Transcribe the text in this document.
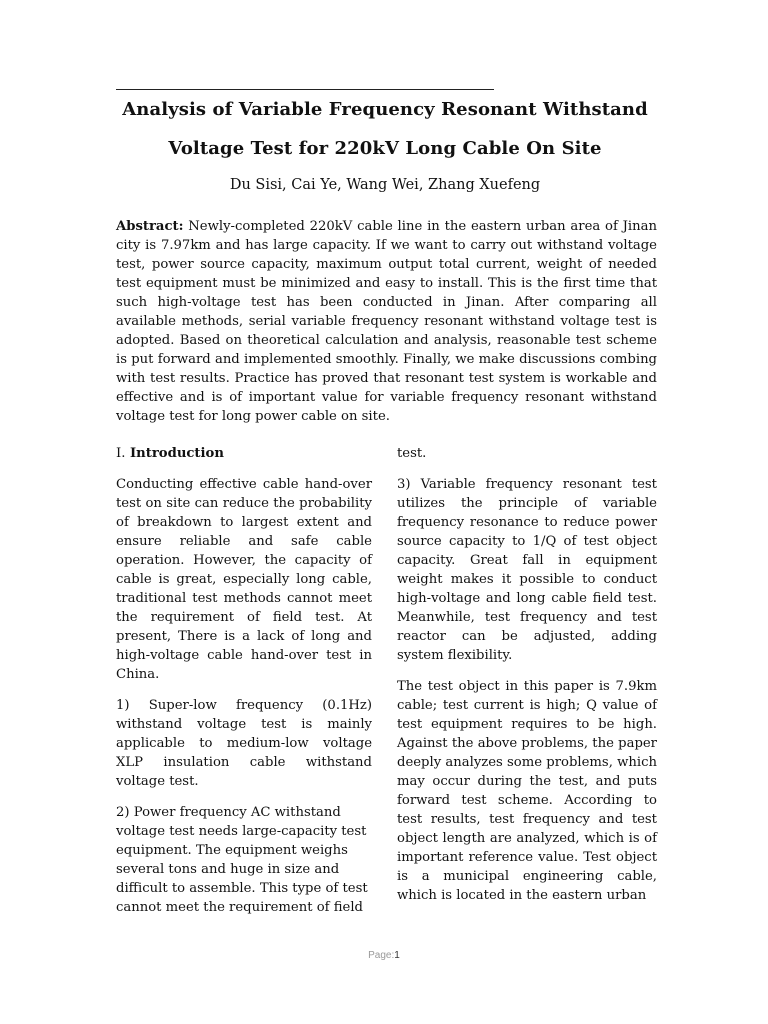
Analysis of Variable Frequency Resonant Withstand
Voltage Test for 220kV Long Cable On Site
Du Sisi, Cai Ye, Wang Wei, Zhang Xuefeng
Abstract: Newly-completed 220kV cable line in the eastern urban area of Jinan city is 7.97km and has large capacity. If we want to carry out withstand voltage test, power source capacity, maximum output total current, weight of needed test equipment must be minimized and easy to install. This is the first time that such high-voltage test has been conducted in Jinan. After comparing all available methods, serial variable frequency resonant withstand voltage test is adopted. Based on theoretical calculation and analysis, reasonable test scheme is put forward and implemented smoothly. Finally, we make discussions combing with test results. Practice has proved that resonant test system is workable and effective and is of important value for variable frequency resonant withstand voltage test for long power cable on site.

I. Introduction

Conducting effective cable hand-over test on site can reduce the probability of breakdown to largest extent and ensure reliable and safe cable operation. However, the capacity of cable is great, especially long cable, traditional test methods cannot meet the requirement of field test. At present, There is a lack of long and high-voltage cable hand-over test in China.

1) Super-low frequency (0.1Hz) withstand voltage test is mainly applicable to medium-low voltage XLP insulation cable withstand voltage test.

2) Power frequency AC withstand voltage test needs large-capacity test equipment. The equipment weighs several tons and huge in size and difficult to assemble. This type of test cannot meet the requirement of field

test.

3) Variable frequency resonant test utilizes the principle of variable frequency resonance to reduce power source capacity to 1/Q of test object capacity. Great fall in equipment weight makes it possible to conduct high-voltage and long cable field test. Meanwhile, test frequency and test reactor can be adjusted, adding system flexibility.

The test object in this paper is 7.9km cable; test current is high; Q value of test equipment requires to be high. Against the above problems, the paper deeply analyzes some problems, which may occur during the test, and puts forward test scheme. According to test results, test frequency and test object length are analyzed, which is of important reference value. Test object is a municipal engineering cable, which is located in the eastern urban

Page:1
